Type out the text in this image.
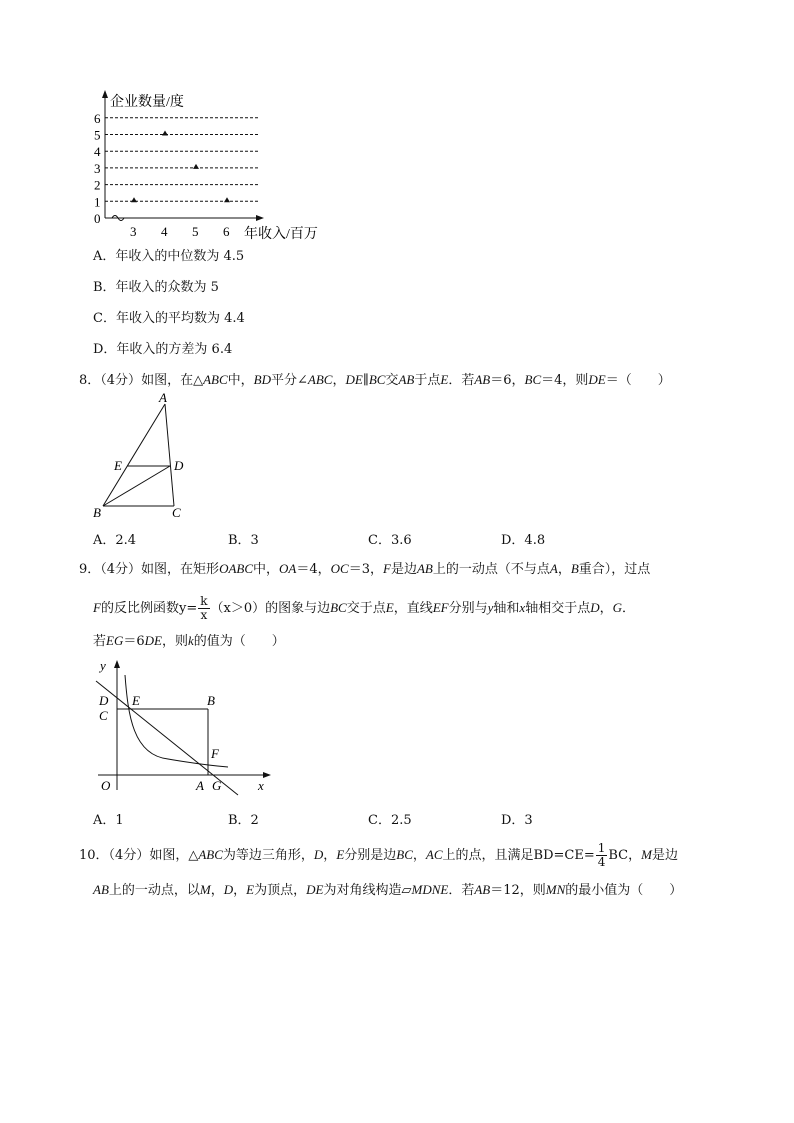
0
1
2
3
4
5
6
3 4 5 6
企业数量/度
年收入/百万
A．年收入的中位数为 4.5
B．年收入的众数为 5
C．年收入的平均数为 4.4
D．年收入的方差为 6.4
8．（4分）如图，在△ABC中，BD平分∠ABC，DE∥BC交AB于点E．若AB＝6，BC＝4，则DE＝（　　）
A
E	D
B	C
A．2.4	B．3	C．3.6	D．4.8
9．（4分）如图，在矩形OABC中，OA＝4，OC＝3，F是边AB上的一动点（不与点A，B重合），过点
F的反比例函数$y= \frac{k}{x} (x>0)$的图象与边BC交于点E，直线EF分别与y轴和x轴相交于点D，G．
若EG＝6DE，则k的值为（　　）
y
D
C
E	B
F
O	A G	x
A．1	B．2	C．2.5	D．3
10．（4分）如图，△ABC为等边三角形，D，E分别是边BC，AC上的点，且满足$BD=CE= \frac{1}{4}$ BC，M是边
AB上的一动点，以M，D，E为顶点，DE为对角线构造▱MDNE．若AB＝12，则MN的最小值为（　　）
